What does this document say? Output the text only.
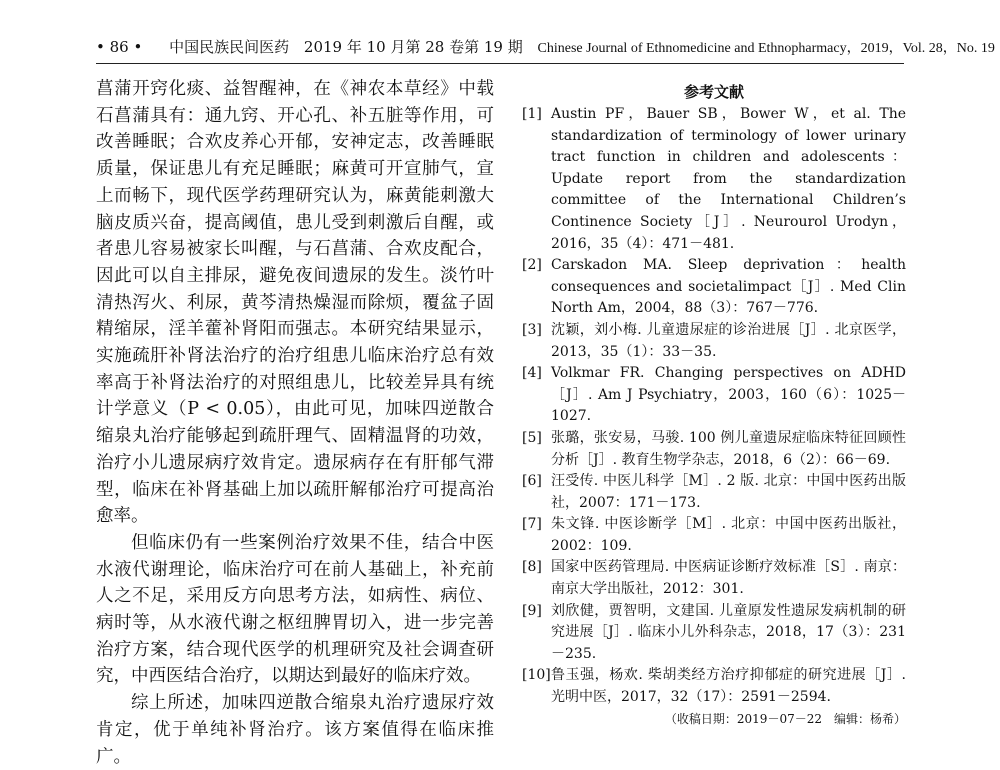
• 86 • 中国民族民间医药 2019 年 10 月第 28 卷第 19 期 Chinese Journal of Ethnomedicine and Ethnopharmacy，2019，Vol. 28，No. 19

菖蒲开窍化痰、益智醒神，在《神农本草经》中载石菖蒲具有：通九窍、开心孔、补五脏等作用，可改善睡眠；合欢皮养心开郁，安神定志，改善睡眠质量，保证患儿有充足睡眠；麻黄可开宣肺气，宣上而畅下，现代医学药理研究认为，麻黄能刺激大脑皮质兴奋，提高阈值，患儿受到刺激后自醒，或者患儿容易被家长叫醒，与石菖蒲、合欢皮配合，因此可以自主排尿，避免夜间遗尿的发生。淡竹叶清热泻火、利尿，黄芩清热燥湿而除烦，覆盆子固精缩尿，淫羊藿补肾阳而强志。本研究结果显示，实施疏肝补肾法治疗的治疗组患儿临床治疗总有效率高于补肾法治疗的对照组患儿，比较差异具有统计学意义（P < 0.05），由此可见，加味四逆散合缩泉丸治疗能够起到疏肝理气、固精温肾的功效，治疗小儿遗尿病疗效肯定。遗尿病存在有肝郁气滞型，临床在补肾基础上加以疏肝解郁治疗可提高治愈率。

但临床仍有一些案例治疗效果不佳，结合中医水液代谢理论，临床治疗可在前人基础上，补充前人之不足，采用反方向思考方法，如病性、病位、病时等，从水液代谢之枢纽脾胃切入，进一步完善治疗方案，结合现代医学的机理研究及社会调查研究，中西医结合治疗，以期达到最好的临床疗效。

综上所述，加味四逆散合缩泉丸治疗遗尿疗效肯定，优于单纯补肾治疗。该方案值得在临床推广。

参考文献
[1] Austin PF，Bauer SB，Bower W，et al. The standardization of terminology of lower urinary tract function in children and adolescents：Update report from the standardization committee of the International Children’s Continence Society［J］. Neurourol Urodyn，2016，35（4）：471－481.
[2] Carskadon MA. Sleep deprivation：health consequences and societalimpact［J］. Med Clin North Am，2004，88（3）：767－776.
[3] 沈颖，刘小梅. 儿童遗尿症的诊治进展［J］. 北京医学，2013，35（1）：33－35.
[4] Volkmar FR. Changing perspectives on ADHD［J］. Am J Psychiatry，2003，160（6）：1025－1027.
[5] 张璐，张安易，马骏. 100 例儿童遗尿症临床特征回顾性分析［J］. 教育生物学杂志，2018，6（2）：66－69.
[6] 汪受传. 中医儿科学［M］. 2 版. 北京：中国中医药出版社，2007：171－173.
[7] 朱文锋. 中医诊断学［M］. 北京：中国中医药出版社，2002：109.
[8] 国家中医药管理局. 中医病证诊断疗效标准［S］. 南京：南京大学出版社，2012：301.
[9] 刘欣健，贾智明，文建国. 儿童原发性遗尿发病机制的研究进展［J］. 临床小儿外科杂志，2018，17（3）：231－235.
[10] 鲁玉强，杨欢. 柴胡类经方治疗抑郁症的研究进展［J］. 光明中医，2017，32（17）：2591－2594.
（收稿日期：2019－07－22　编辑：杨希）
